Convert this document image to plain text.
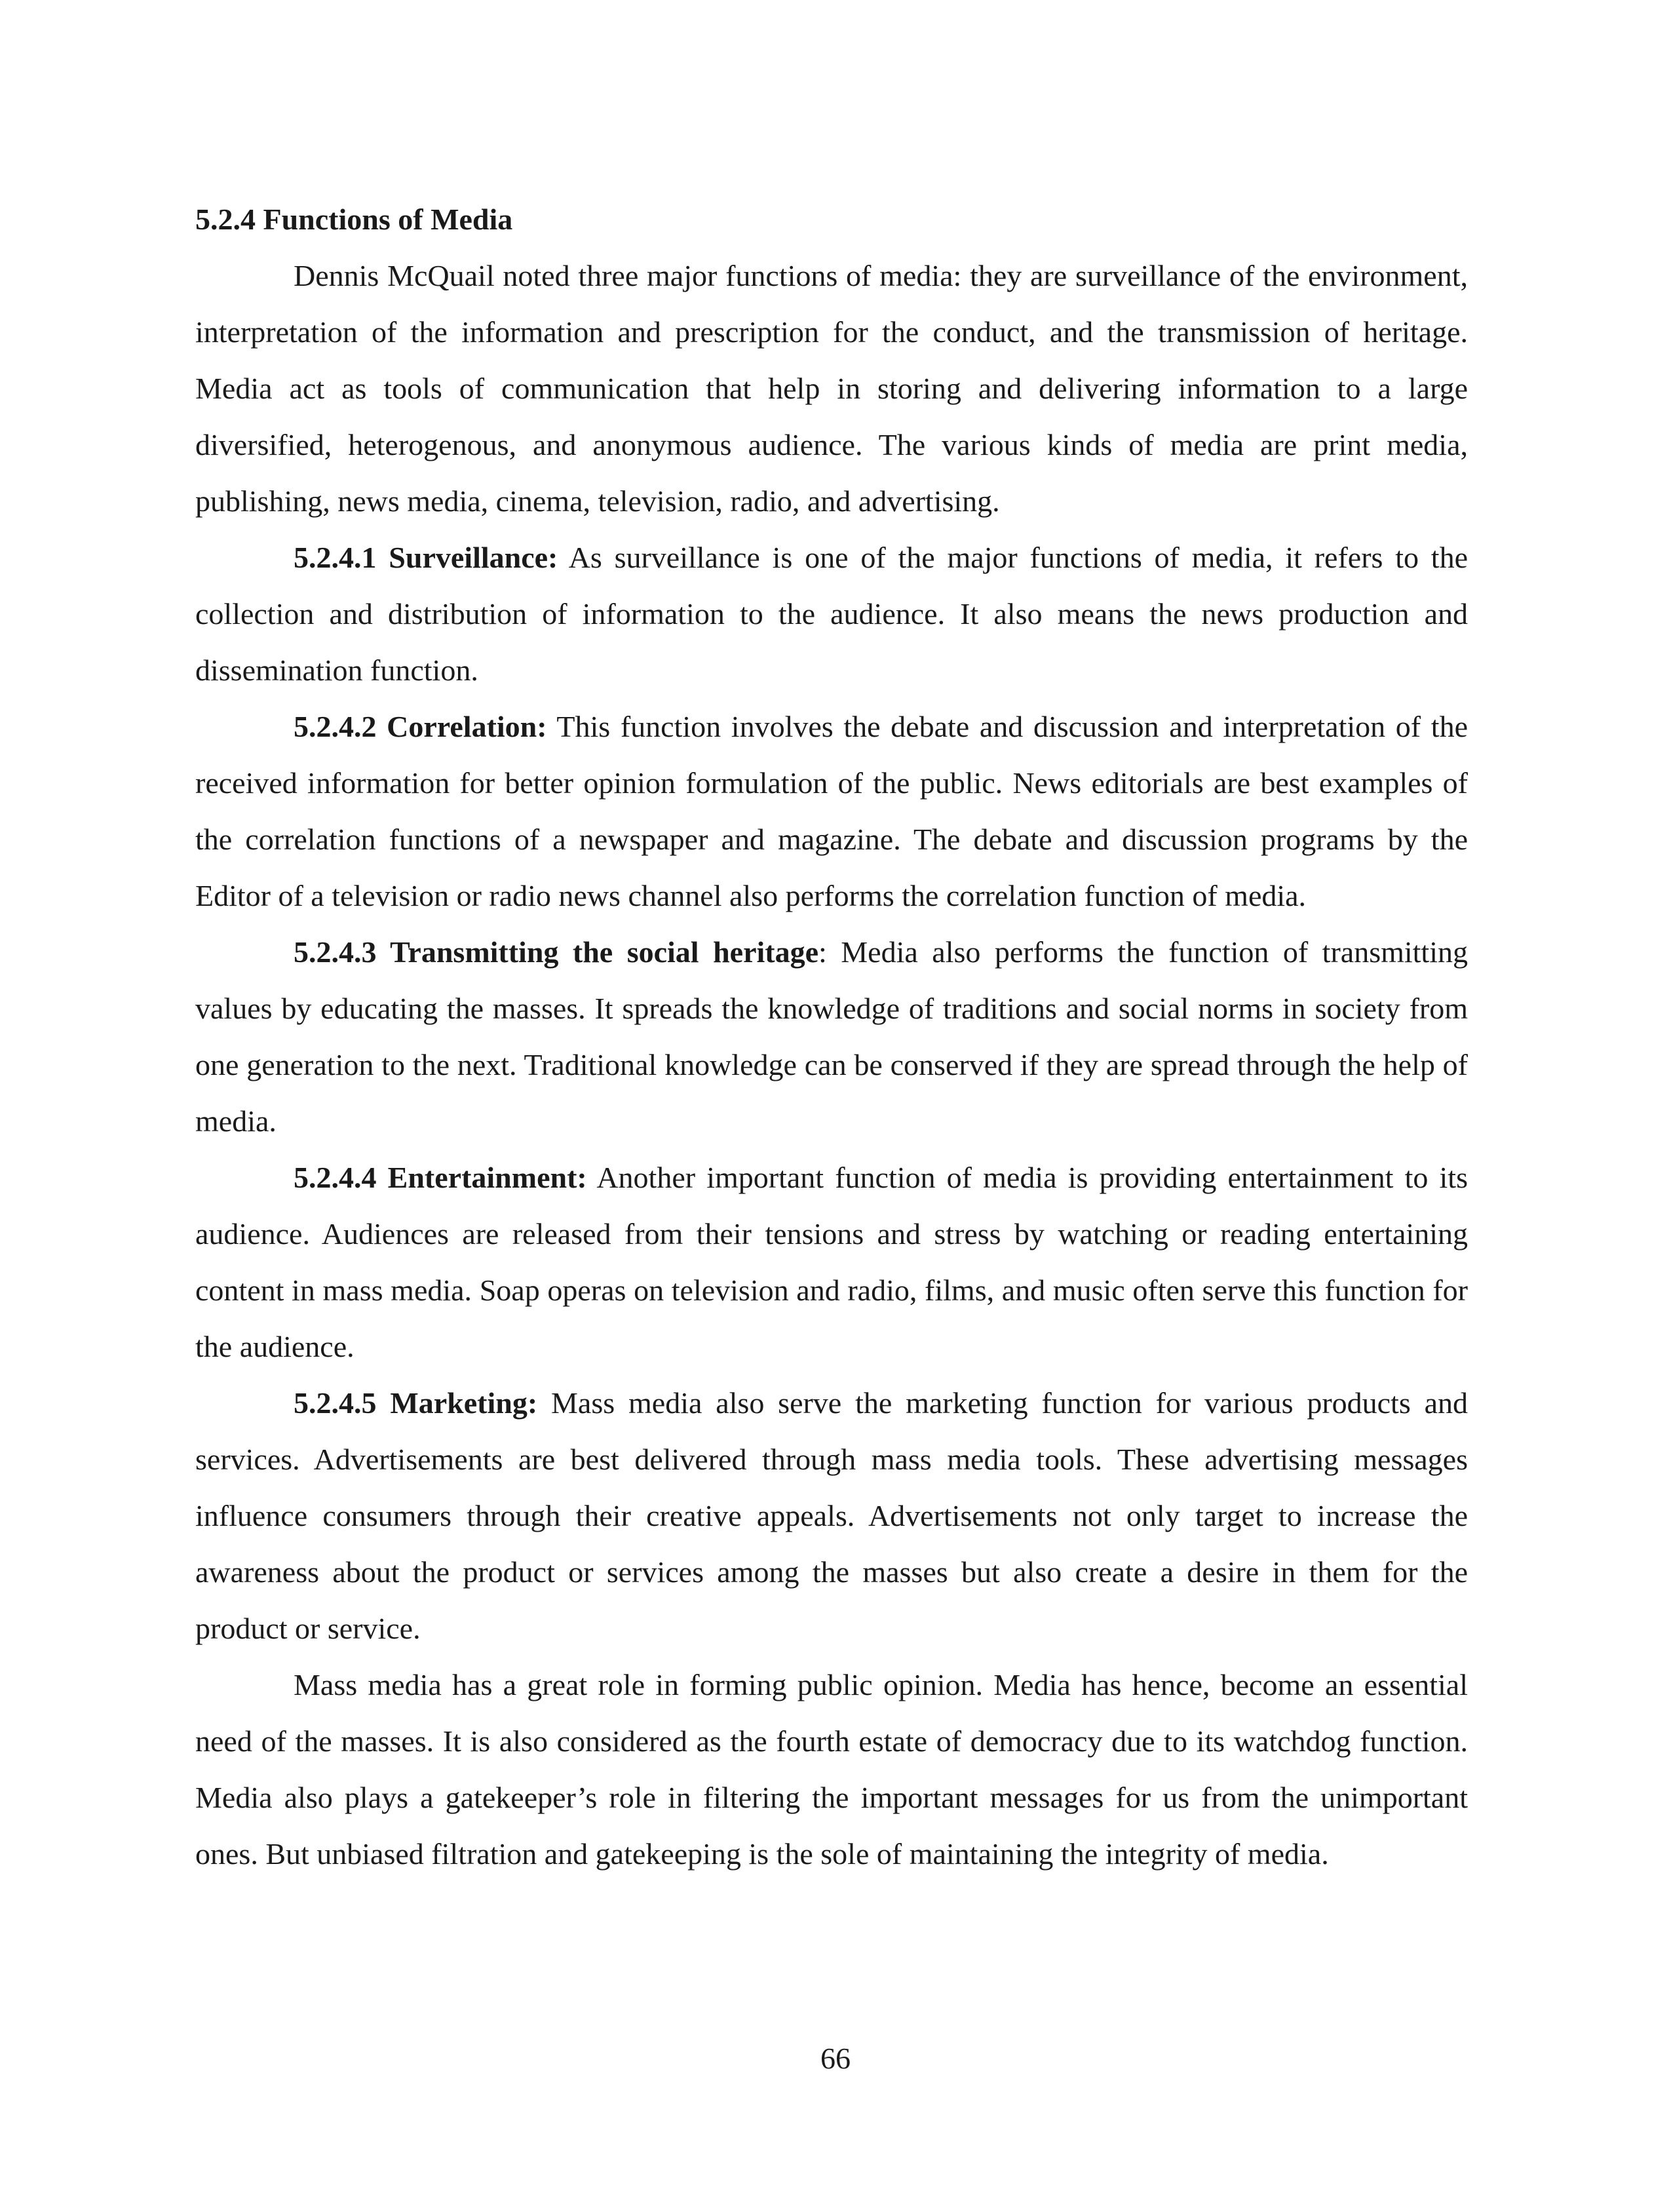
5.2.4 Functions of Media

Dennis McQuail noted three major functions of media: they are surveillance of the environment, interpretation of the information and prescription for the conduct, and the transmission of heritage. Media act as tools of communication that help in storing and delivering information to a large diversified, heterogenous, and anonymous audience. The various kinds of media are print media, publishing, news media, cinema, television, radio, and advertising.

5.2.4.1 Surveillance: As surveillance is one of the major functions of media, it refers to the collection and distribution of information to the audience. It also means the news production and dissemination function.

5.2.4.2 Correlation: This function involves the debate and discussion and interpretation of the received information for better opinion formulation of the public. News editorials are best examples of the correlation functions of a newspaper and magazine. The debate and discussion programs by the Editor of a television or radio news channel also performs the correlation function of media.

5.2.4.3 Transmitting the social heritage: Media also performs the function of transmitting values by educating the masses. It spreads the knowledge of traditions and social norms in society from one generation to the next. Traditional knowledge can be conserved if they are spread through the help of media.

5.2.4.4 Entertainment: Another important function of media is providing entertainment to its audience. Audiences are released from their tensions and stress by watching or reading entertaining content in mass media. Soap operas on television and radio, films, and music often serve this function for the audience.

5.2.4.5 Marketing: Mass media also serve the marketing function for various products and services. Advertisements are best delivered through mass media tools. These advertising messages influence consumers through their creative appeals. Advertisements not only target to increase the awareness about the product or services among the masses but also create a desire in them for the product or service.

Mass media has a great role in forming public opinion. Media has hence, become an essential need of the masses. It is also considered as the fourth estate of democracy due to its watchdog function. Media also plays a gatekeeper’s role in filtering the important messages for us from the unimportant ones. But unbiased filtration and gatekeeping is the sole of maintaining the integrity of media.

66
